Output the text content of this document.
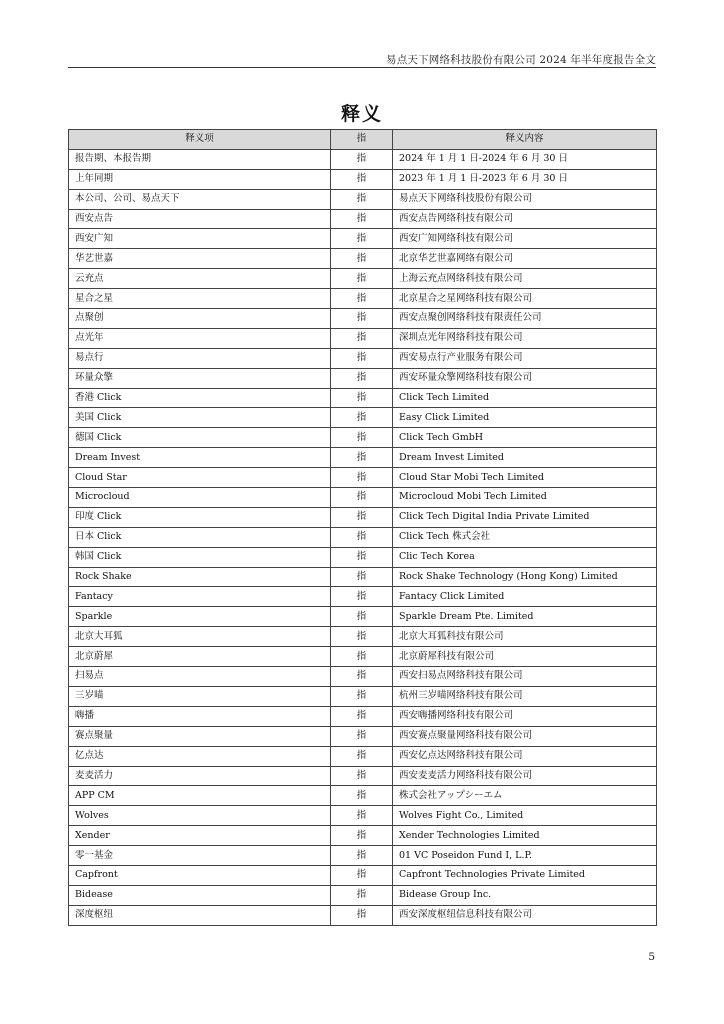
易点天下网络科技股份有限公司 2024 年半年度报告全文
释义
释义项	指	释义内容
报告期、本报告期	指	2024 年 1 月 1 日-2024 年 6 月 30 日
上年同期	指	2023 年 1 月 1 日-2023 年 6 月 30 日
本公司、公司、易点天下	指	易点天下网络科技股份有限公司
西安点告	指	西安点告网络科技有限公司
西安广知	指	西安广知网络科技有限公司
华艺世嘉	指	北京华艺世嘉网络有限公司
云充点	指	上海云充点网络科技有限公司
星合之星	指	北京星合之星网络科技有限公司
点聚创	指	西安点聚创网络科技有限责任公司
点光年	指	深圳点光年网络科技有限公司
易点行	指	西安易点行产业服务有限公司
环量众擎	指	西安环量众擎网络科技有限公司
香港 Click	指	Click Tech Limited
美国 Click	指	Easy Click Limited
德国 Click	指	Click Tech GmbH
Dream Invest	指	Dream Invest Limited
Cloud Star	指	Cloud Star Mobi Tech Limited
Microcloud	指	Microcloud Mobi Tech Limited
印度 Click	指	Click Tech Digital India Private Limited
日本 Click	指	Click Tech 株式会社
韩国 Click	指	Clic Tech Korea
Rock Shake	指	Rock Shake Technology (Hong Kong) Limited
Fantacy	指	Fantacy Click Limited
Sparkle	指	Sparkle Dream Pte. Limited
北京大耳狐	指	北京大耳狐科技有限公司
北京蔚犀	指	北京蔚犀科技有限公司
扫易点	指	西安扫易点网络科技有限公司
三岁喵	指	杭州三岁喵网络科技有限公司
嗨播	指	西安嗨播网络科技有限公司
赛点聚量	指	西安赛点聚量网络科技有限公司
亿点达	指	西安亿点达网络科技有限公司
麦麦活力	指	西安麦麦活力网络科技有限公司
APP CM	指	株式会社アップシーエム
Wolves	指	Wolves Fight Co., Limited
Xender	指	Xender Technologies Limited
零一基金	指	01 VC Poseidon Fund I, L.P.
Capfront	指	Capfront Technologies Private Limited
Bidease	指	Bidease Group Inc.
深度枢纽	指	西安深度枢纽信息科技有限公司
5
